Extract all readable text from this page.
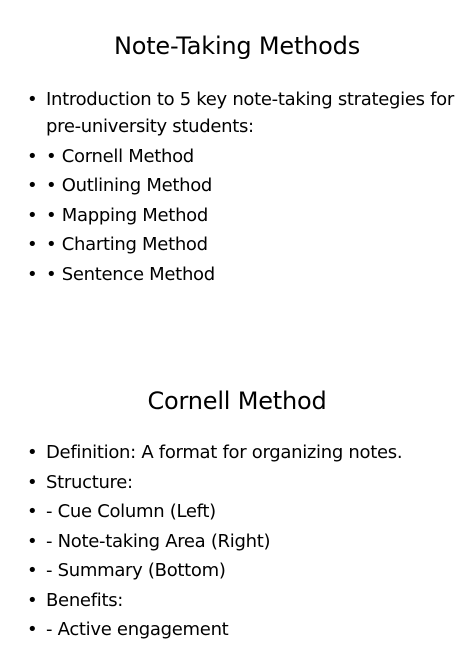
Note-Taking Methods
• Introduction to 5 key note-taking strategies for pre-university students:
• • Cornell Method
• • Outlining Method
• • Mapping Method
• • Charting Method
• • Sentence Method
Cornell Method
• Definition: A format for organizing notes.
• Structure:
• - Cue Column (Left)
• - Note-taking Area (Right)
• - Summary (Bottom)
• Benefits:
• - Active engagement
